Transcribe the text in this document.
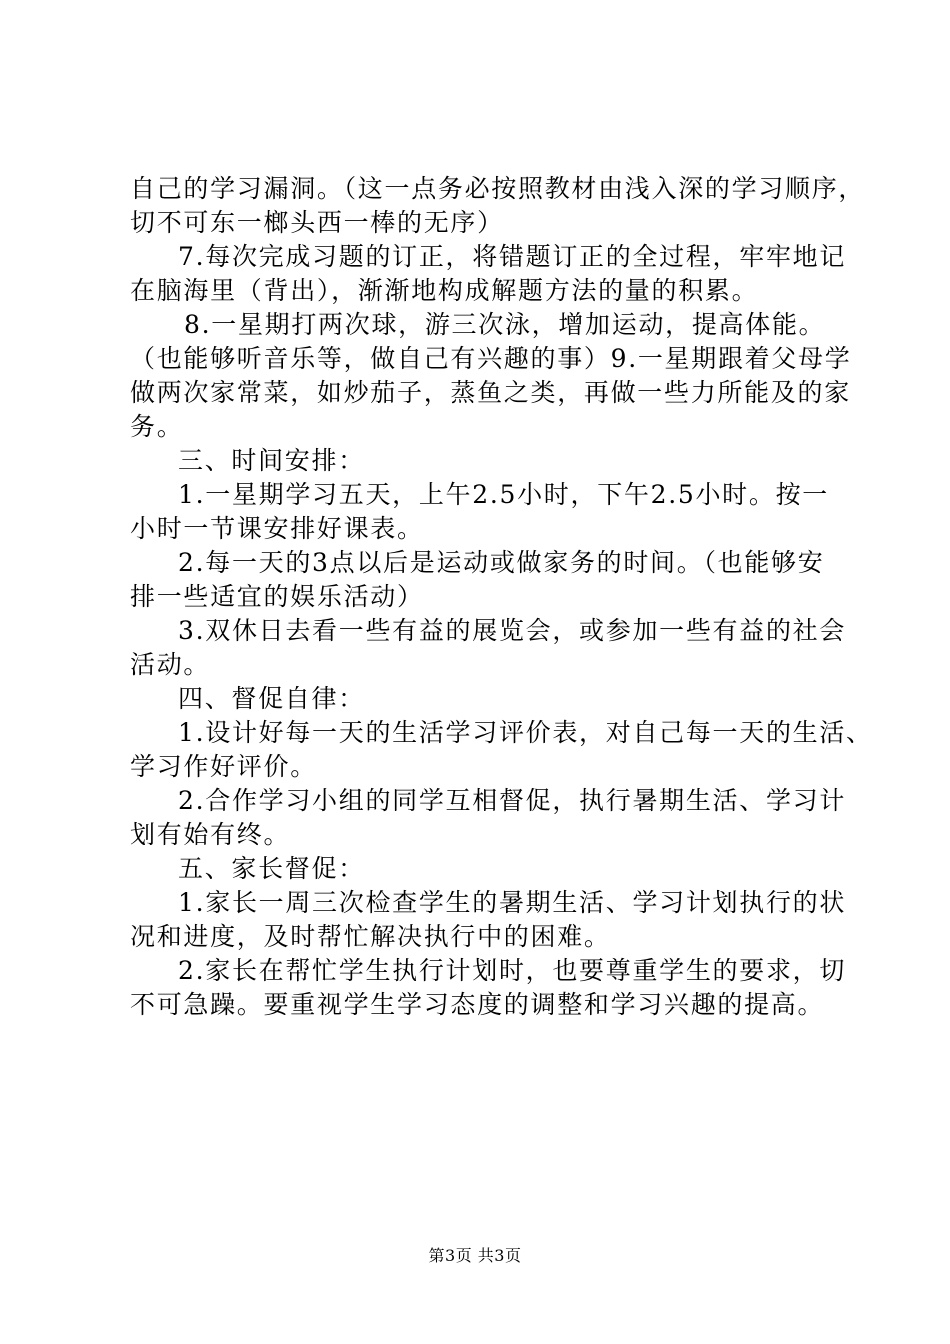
自己的学习漏洞。（这一点务必按照教材由浅入深的学习顺序，
切不可东一榔头西一棒的无序）
7.每次完成习题的订正，将错题订正的全过程，牢牢地记
在脑海里（背出），渐渐地构成解题方法的量的积累。
8.一星期打两次球，游三次泳，增加运动，提高体能。
（也能够听音乐等，做自己有兴趣的事）9.一星期跟着父母学
做两次家常菜，如炒茄子，蒸鱼之类，再做一些力所能及的家
务。
三、时间安排：
1.一星期学习五天，上午2.5小时，下午2.5小时。按一
小时一节课安排好课表。
2.每一天的3点以后是运动或做家务的时间。（也能够安
排一些适宜的娱乐活动）
3.双休日去看一些有益的展览会，或参加一些有益的社会
活动。
四、督促自律：
1.设计好每一天的生活学习评价表，对自己每一天的生活、
学习作好评价。
2.合作学习小组的同学互相督促，执行暑期生活、学习计
划有始有终。
五、家长督促：
1.家长一周三次检查学生的暑期生活、学习计划执行的状
况和进度，及时帮忙解决执行中的困难。
2.家长在帮忙学生执行计划时，也要尊重学生的要求，切
不可急躁。要重视学生学习态度的调整和学习兴趣的提高。
第3页 共3页
